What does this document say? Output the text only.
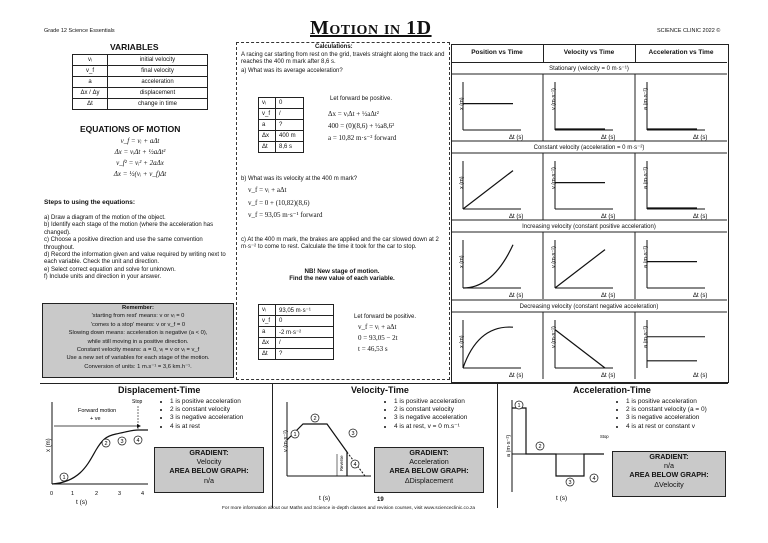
Grade 12 Science Essentials	Motion in 1D	SCIENCE CLINIC 2022 ©
VARIABLES
vᵢ	initial velocity
v_f	final velocity
a	acceleration
Δx / Δy	displacement
Δt	change in time
EQUATIONS OF MOTION
v_f = vᵢ + aΔt
Δx = vᵢΔt + ½aΔt²
v_f² = vᵢ² + 2aΔx
Δx = ½(vᵢ + v_f)Δt
Steps to using the equations:
a) Draw a diagram of the motion of the object.
b) Identify each stage of the motion (where the acceleration has changed).
c) Choose a positive direction and use the same convention throughout.
d) Record the information given and value required by writing next to each variable. Check the unit and direction.
e) Select correct equation and solve for unknown.
f) Include units and direction in your answer.
Remember:
'starting from rest' means: v or vᵢ = 0
'comes to a stop' means: v or v_f = 0
Slowing down means: acceleration is negative (a < 0),
while still moving in a positive direction.
Constant velocity means: a = 0, vᵢ = v or vᵢ = v_f
Use a new set of variables for each stage of the motion.
Conversion of units: 1 m.s⁻¹ = 3,6 km.h⁻¹.
Calculations:
A racing car starting from rest on the grid, travels straight along the track and reaches the 400 m mark after 8,6 s.
a) What was its average acceleration?
vᵢ	0
v_f	/
a	?
Δx	400 m
Δt	8,6 s
Let forward be positive.
Δx = vᵢΔt + ½aΔt²
400 = (0)(8,6) + ½a8,6²
a = 10,82 m·s⁻² forward
b) What was its velocity at the 400 m mark?
v_f = vᵢ + aΔt
v_f = 0 + (10,82)(8,6)
v_f = 93,05 m·s⁻¹ forward
c) At the 400 m mark, the brakes are applied and the car slowed down at 2 m·s⁻² to come to rest. Calculate the time it took for the car to stop.
NB! New stage of motion.
Find the new value of each variable.
vᵢ	93,05 m·s⁻¹
v_f	0
a	-2 m·s⁻²
Δx	/
Δt	?
Let forward be positive.
v_f = vᵢ + aΔt
0 = 93,05 − 2t
t = 46,53 s
Position vs Time	Velocity vs Time	Acceleration vs Time
Stationary (velocity = 0 m·s⁻¹)
Constant velocity (acceleration = 0 m·s⁻²)
Increasing velocity (constant positive acceleration)
Decreasing velocity (constant negative acceleration)
x (m)
Δt (s)
v (m·s⁻¹)
Δt (s)
a (m·s⁻²)
Δt (s)
x (m)
Δt (s)
v (m·s⁻¹)
Δt (s)
a (m·s⁻²)
Δt (s)
x (m)
Δt (s)
v (m·s⁻¹)
Δt (s)
a (m·s⁻²)
Δt (s)
x (m)
Δt (s)
v (m·s⁻¹)
Δt (s)
a (m·s⁻²)
Δt (s)
Displacement-Time
1
2 3 4
0	1	2	3	4
t (s)
x (m)
Forward motion
+ ve
Stop	• 1 is positive acceleration
• 2 is constant velocity
• 3 is negative acceleration
• 4 is at rest
GRADIENT:
Velocity
AREA BELOW GRAPH:
n/a
Velocity-Time
1
2
3
4
t (s)
v (m·s⁻¹)
Reverse
• 1 is positive acceleration
• 2 is constant velocity
• 3 is negative acceleration
• 4 is at rest, v = 0 m.s⁻¹
GRADIENT:
Acceleration
AREA BELOW GRAPH:
ΔDisplacement
Acceleration-Time
1
2
3
4
t (s)
a (m·s⁻²)	Stop
• 1 is positive acceleration
• 2 is constant velocity (a = 0)
• 3 is negative acceleration
• 4 is at rest or constant v
GRADIENT:
n/a
AREA BELOW GRAPH:
ΔVelocity
19
For more information about our Maths and Science in-depth classes and revision courses, visit www.scienceclinic.co.za
